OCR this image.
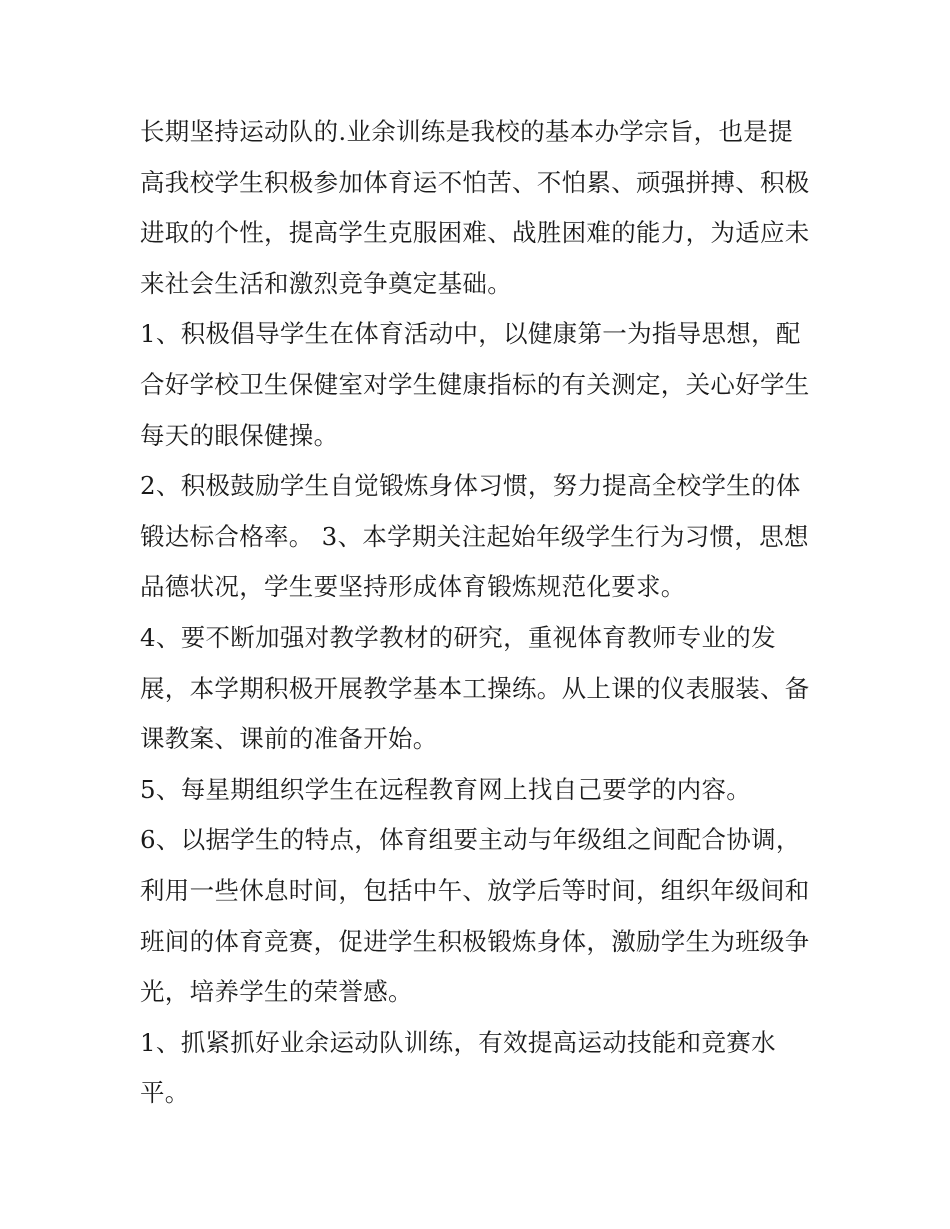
长期坚持运动队的.业余训练是我校的基本办学宗旨，也是提
高我校学生积极参加体育运不怕苦、不怕累、顽强拼搏、积极
进取的个性，提高学生克服困难、战胜困难的能力，为适应未
来社会生活和激烈竞争奠定基础。
1、积极倡导学生在体育活动中，以健康第一为指导思想，配
合好学校卫生保健室对学生健康指标的有关测定，关心好学生
每天的眼保健操。
2、积极鼓励学生自觉锻炼身体习惯，努力提高全校学生的体
锻达标合格率。 3、本学期关注起始年级学生行为习惯，思想
品德状况，学生要坚持形成体育锻炼规范化要求。
4、要不断加强对教学教材的研究，重视体育教师专业的发
展，本学期积极开展教学基本工操练。从上课的仪表服装、备
课教案、课前的准备开始。
5、每星期组织学生在远程教育网上找自己要学的内容。
6、以据学生的特点，体育组要主动与年级组之间配合协调，
利用一些休息时间，包括中午、放学后等时间，组织年级间和
班间的体育竞赛，促进学生积极锻炼身体，激励学生为班级争
光，培养学生的荣誉感。
1、抓紧抓好业余运动队训练，有效提高运动技能和竞赛水
平。
